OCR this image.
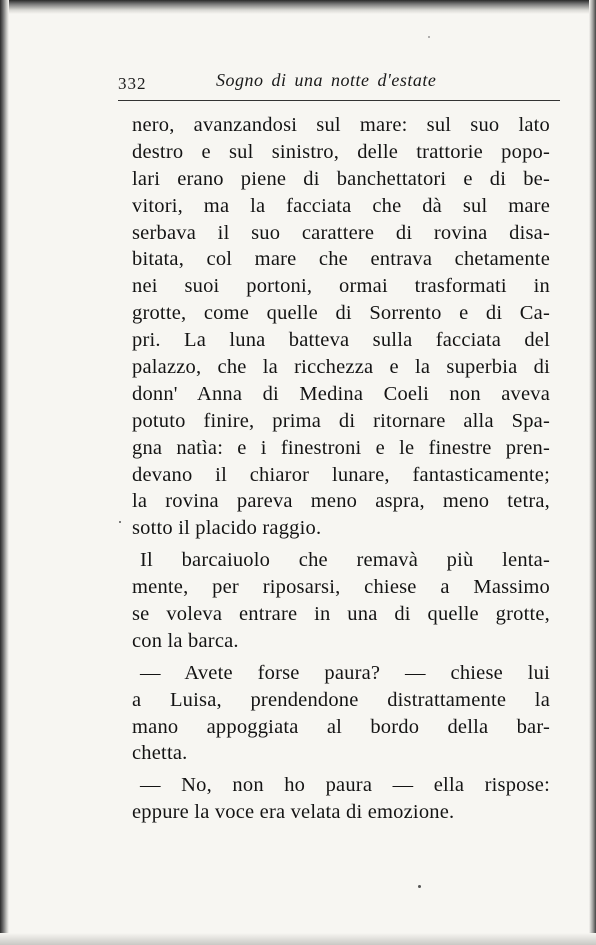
332	Sogno di una notte d'estate
nero, avanzandosi sul mare: sul suo lato
destro e sul sinistro, delle trattorie popo-
lari erano piene di banchettatori e di be-
vitori, ma la facciata che dà sul mare
serbava il suo carattere di rovina disa-
bitata, col mare che entrava chetamente
nei suoi portoni, ormai trasformati in
grotte, come quelle di Sorrento e di Ca-
pri. La luna batteva sulla facciata del
palazzo, che la ricchezza e la superbia di
donn' Anna di Medina Coeli non aveva
potuto finire, prima di ritornare alla Spa-
gna natìa: e i finestroni e le finestre pren-
devano il chiaror lunare, fantasticamente;
la rovina pareva meno aspra, meno tetra,
sotto il placido raggio.
Il barcaiuolo che remavà più lenta-
mente, per riposarsi, chiese a Massimo
se voleva entrare in una di quelle grotte,
con la barca.
— Avete forse paura? — chiese lui
a Luisa, prendendone distrattamente la
mano appoggiata al bordo della bar-
chetta.
— No, non ho paura — ella rispose:
eppure la voce era velata di emozione.
